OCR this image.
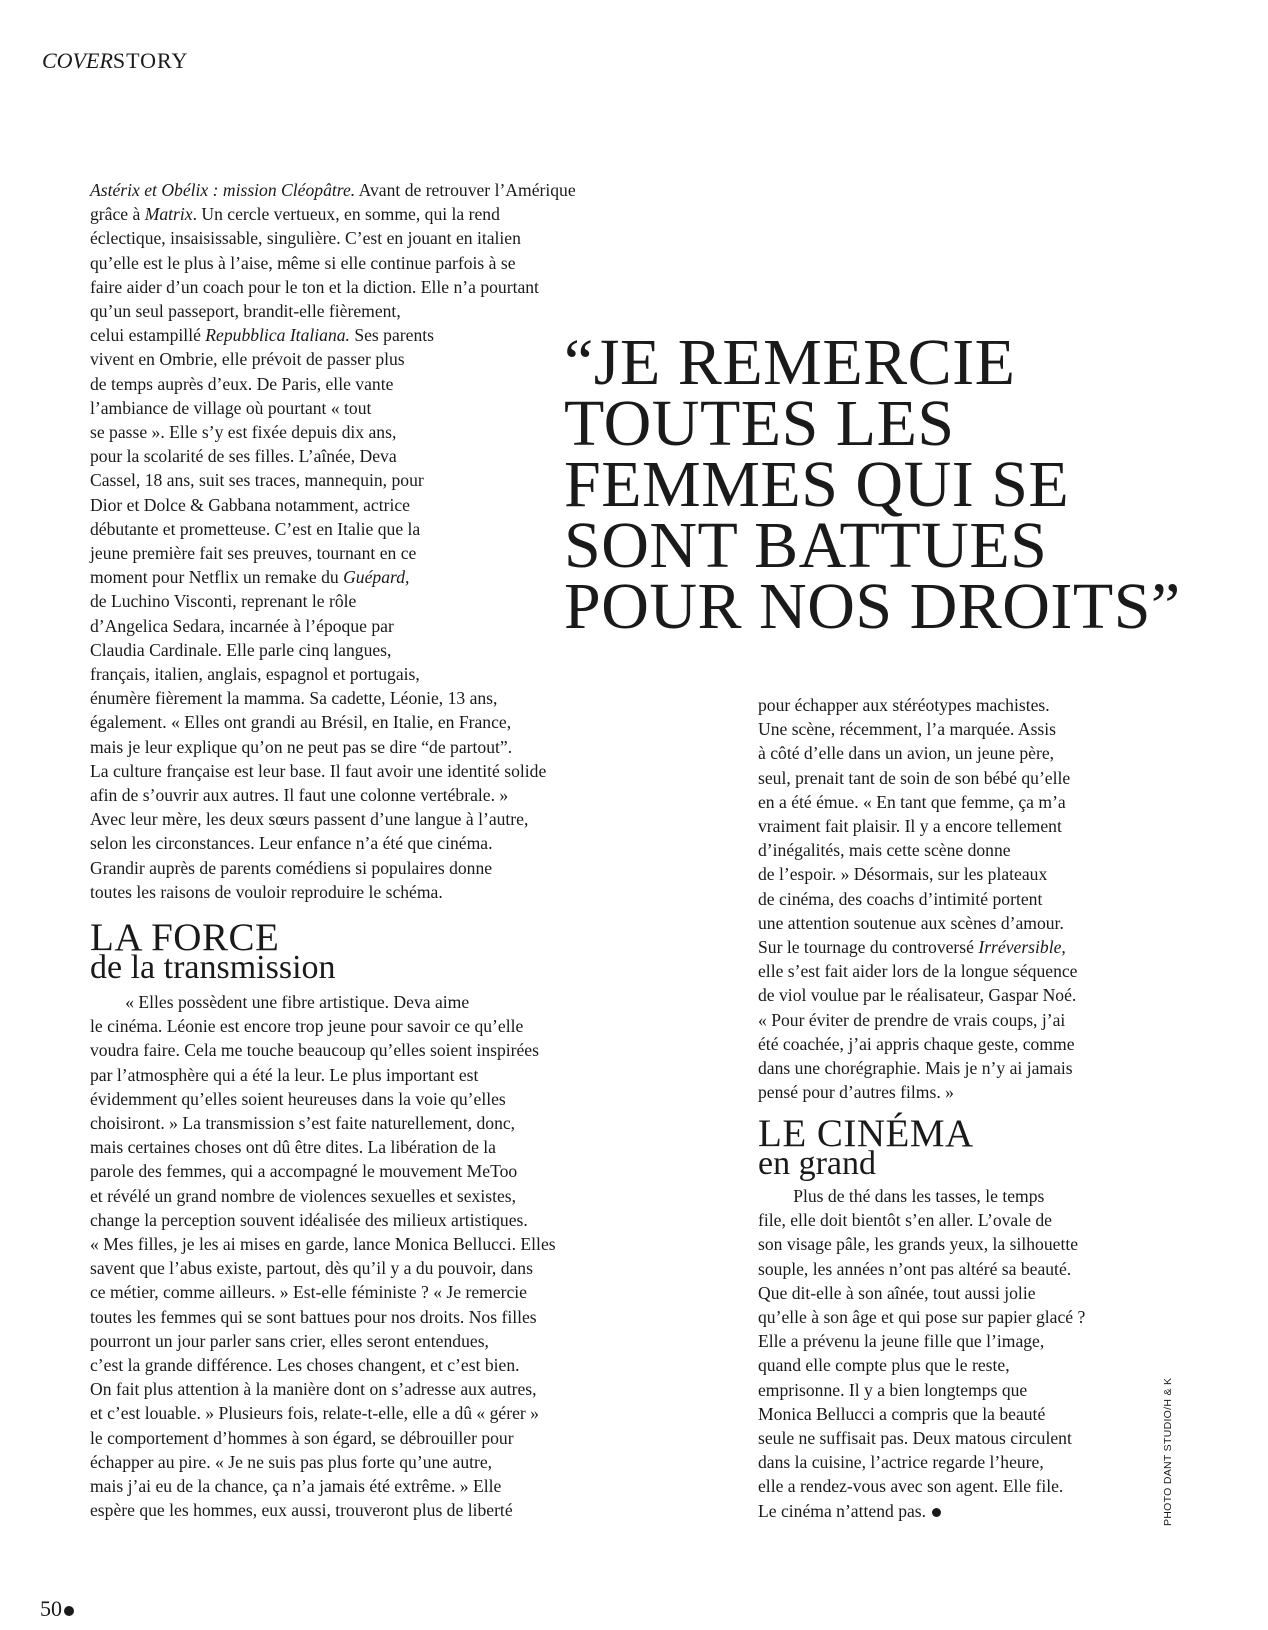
COVERSTORY
Astérix et Obélix : mission Cléopâtre. Avant de retrouver l’Amérique
grâce à Matrix. Un cercle vertueux, en somme, qui la rend
éclectique, insaisissable, singulière. C’est en jouant en italien
qu’elle est le plus à l’aise, même si elle continue parfois à se
faire aider d’un coach pour le ton et la diction. Elle n’a pourtant
qu’un seul passeport, brandit-elle fièrement,
celui estampillé Repubblica Italiana. Ses parents
vivent en Ombrie, elle prévoit de passer plus
de temps auprès d’eux. De Paris, elle vante
l’ambiance de village où pourtant « tout
se passe ». Elle s’y est fixée depuis dix ans,
pour la scolarité de ses filles. L’aînée, Deva
Cassel, 18 ans, suit ses traces, mannequin, pour
Dior et Dolce & Gabbana notamment, actrice
débutante et prometteuse. C’est en Italie que la
jeune première fait ses preuves, tournant en ce
moment pour Netflix un remake du Guépard,
de Luchino Visconti, reprenant le rôle
d’Angelica Sedara, incarnée à l’époque par
Claudia Cardinale. Elle parle cinq langues,
français, italien, anglais, espagnol et portugais,
énumère fièrement la mamma. Sa cadette, Léonie, 13 ans,
également. « Elles ont grandi au Brésil, en Italie, en France,
mais je leur explique qu’on ne peut pas se dire “de partout”.
La culture française est leur base. Il faut avoir une identité solide
afin de s’ouvrir aux autres. Il faut une colonne vertébrale. »
Avec leur mère, les deux sœurs passent d’une langue à l’autre,
selon les circonstances. Leur enfance n’a été que cinéma.
Grandir auprès de parents comédiens si populaires donne
toutes les raisons de vouloir reproduire le schéma.
“JE REMERCIE
TOUTES LES
FEMMES QUI SE
SONT BATTUES
POUR NOS DROITS”
LA FORCE
de la transmission
« Elles possèdent une fibre artistique. Deva aime
le cinéma. Léonie est encore trop jeune pour savoir ce qu’elle
voudra faire. Cela me touche beaucoup qu’elles soient inspirées
par l’atmosphère qui a été la leur. Le plus important est
évidemment qu’elles soient heureuses dans la voie qu’elles
choisiront. » La transmission s’est faite naturellement, donc,
mais certaines choses ont dû être dites. La libération de la
parole des femmes, qui a accompagné le mouvement MeToo
et révélé un grand nombre de violences sexuelles et sexistes,
change la perception souvent idéalisée des milieux artistiques.
« Mes filles, je les ai mises en garde, lance Monica Bellucci. Elles
savent que l’abus existe, partout, dès qu’il y a du pouvoir, dans
ce métier, comme ailleurs. » Est-elle féministe ? « Je remercie
toutes les femmes qui se sont battues pour nos droits. Nos filles
pourront un jour parler sans crier, elles seront entendues,
c’est la grande différence. Les choses changent, et c’est bien.
On fait plus attention à la manière dont on s’adresse aux autres,
et c’est louable. » Plusieurs fois, relate-t-elle, elle a dû « gérer »
le comportement d’hommes à son égard, se débrouiller pour
échapper au pire. « Je ne suis pas plus forte qu’une autre,
mais j’ai eu de la chance, ça n’a jamais été extrême. » Elle
espère que les hommes, eux aussi, trouveront plus de liberté
pour échapper aux stéréotypes machistes.
Une scène, récemment, l’a marquée. Assis
à côté d’elle dans un avion, un jeune père,
seul, prenait tant de soin de son bébé qu’elle
en a été émue. « En tant que femme, ça m’a
vraiment fait plaisir. Il y a encore tellement
d’inégalités, mais cette scène donne
de l’espoir. » Désormais, sur les plateaux
de cinéma, des coachs d’intimité portent
une attention soutenue aux scènes d’amour.
Sur le tournage du controversé Irréversible,
elle s’est fait aider lors de la longue séquence
de viol voulue par le réalisateur, Gaspar Noé.
« Pour éviter de prendre de vrais coups, j’ai
été coachée, j’ai appris chaque geste, comme
dans une chorégraphie. Mais je n’y ai jamais
pensé pour d’autres films. »
LE CINÉMA
en grand
Plus de thé dans les tasses, le temps
file, elle doit bientôt s’en aller. L’ovale de
son visage pâle, les grands yeux, la silhouette
souple, les années n’ont pas altéré sa beauté.
Que dit-elle à son aînée, tout aussi jolie
qu’elle à son âge et qui pose sur papier glacé ?
Elle a prévenu la jeune fille que l’image,
quand elle compte plus que le reste,
emprisonne. Il y a bien longtemps que
Monica Bellucci a compris que la beauté
seule ne suffisait pas. Deux matous circulent
dans la cuisine, l’actrice regarde l’heure,
elle a rendez-vous avec son agent. Elle file.
Le cinéma n’attend pas.	PHOTO DANT STUDIO/H & K
50
